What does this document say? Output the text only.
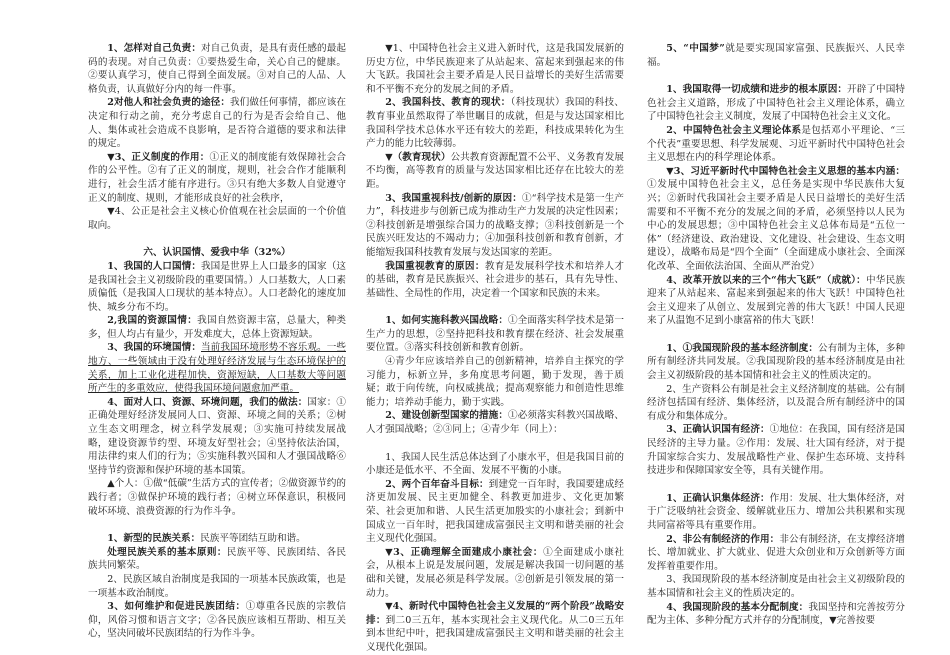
1、怎样对自己负责：对自己负责，是具有责任感的最起码的表现。对自己负责：①要热爱生命，关心自己的健康。②要认真学习，使自己得到全面发展。③对自己的人品、人格负责，认真做好分内的每一件事。

2对他人和社会负责的途径：我们做任何事情，都应该在决定和行动之前，充分考虑自己的行为是否会给自己、他人、集体或社会造成不良影响，是否符合道德的要求和法律的规定。

▼3、正义制度的作用：①正义的制度能有效保障社会合作的公平性。②有了正义的制度，规则，社会合作才能顺利进行，社会生活才能有序进行。③只有绝大多数人自觉遵守正义的制度、规则，才能形成良好的社会秩序，

▼4、公正是社会主义核心价值观在社会层面的一个价值取向。

六、认识国情、爱我中华（32%）

1、我国的人口国情：我国是世界上人口最多的国家（这是我国社会主义初级阶段的重要国情。）人口基数大，人口素质偏低（是我国人口现状的基本特点）。人口老龄化的速度加快、城乡分布不均。

2,我国的资源国情：我国自然资源丰富，总量大，种类多，但人均占有量少，开发难度大，总体上资源短缺。

3、我国的环境国情：当前我国环境形势不容乐观。一些地方、一些领域由于没有处理好经济发展与生态环境保护的关系，加上工业化进程加快，资源短缺，人口基数大等问题所产生的多重效应，使得我国环境问题愈加严重。

4、面对人口、资源、环境问题，我们的做法：国家：①正确处理好经济发展同人口、资源、环境之间的关系；②树立生态文明理念，树立科学发展观；③实施可持续发展战略，建设资源节约型、环境友好型社会；④坚持依法治国，用法律约束人们的行为；⑤实施科教兴国和人才强国战略⑥坚持节约资源和保护环境的基本国策。

▲个人：①做“低碳”生活方式的宣传者；②做资源节约的践行者；③做保护环境的践行者；④树立环保意识，积极同破坏环境、浪费资源的行为作斗争。

1、新型的民族关系：民族平等团结互助和谐。

处理民族关系的基本原则：民族平等、民族团结、各民族共同繁荣。

2、民族区域自治制度是我国的一项基本民族政策，也是一项基本政治制度。

3、如何维护和促进民族团结：①尊重各民族的宗教信仰，风俗习惯和语言文字；②各民族应该相互帮助、相互关心，坚决同破坏民族团结的行为作斗争。

▼1、中国特色社会主义进入新时代，这是我国发展新的历史方位，中华民族迎来了从站起来、富起来到强起来的伟大飞跃。我国社会主要矛盾是人民日益增长的美好生活需要和不平衡不充分的发展之间的矛盾。

2、我国科技、教育的现状：（科技现状）我国的科技、教育事业虽然取得了举世瞩目的成就，但是与发达国家相比我国科学技术总体水平还有较大的差距，科技成果转化为生产力的能力比较薄弱。

▼（教育现状）公共教育资源配置不公平、义务教育发展不均衡，高等教育的质量与发达国家相比还存在比较大的差距。

3、我国重视科技/创新的原因：①“科学技术是第一生产力”，科技进步与创新已成为推动生产力发展的决定性因素；②科技创新是增强综合国力的战略支撑；③科技创新是一个民族兴旺发达的不竭动力；④加强科技创新和教育创新，才能缩短我国科技教育发展与发达国家的差距。

我国重视教育的原因：教育是发展科学技术和培养人才的基础，教育是民族振兴、社会进步的基石，具有先导性、基础性、全局性的作用，决定着一个国家和民族的未来。

1、如何实施科教兴国战略：①全面落实科学技术是第一生产力的思想，②坚持把科技和教育摆在经济、社会发展重要位置。③落实科技创新和教育创新。

④青少年应该培养自己的创新精神，培养自主探究的学习能力，标新立异，多角度思考问题，勤于发现，善于质疑；敢于向传统，向权威挑战；提高观察能力和创造性思维能力；培养动手能力，勤于实践。

2、建设创新型国家的措施：①必须落实科教兴国战略、人才强国战略；②③同上；④青少年（同上）：

1、我国人民生活总体达到了小康水平，但是我国目前的小康还是低水平、不全面、发展不平衡的小康。

2、两个百年奋斗目标：到建党一百年时，我国要建成经济更加发展、民主更加健全、科教更加进步、文化更加繁荣、社会更加和谐、人民生活更加殷实的小康社会；到新中国成立一百年时，把我国建成富强民主文明和谐美丽的社会主义现代化强国。

▼3、正确理解全面建成小康社会：①全面建成小康社会，从根本上说是发展问题，发展是解决我国一切问题的基础和关键，发展必须是科学发展。②创新是引领发展的第一动力。

▼4、新时代中国特色社会主义发展的“两个阶段”战略安排：到二0三五年，基本实现社会主义现代化。从二0三五年到本世纪中叶，把我国建成富强民主文明和谐美丽的社会主义现代化强国。

5、“中国梦”就是要实现国家富强、民族振兴、人民幸福。

1、我国取得一切成绩和进步的根本原因：开辟了中国特色社会主义道路，形成了中国特色社会主义理论体系，确立了中国特色社会主义制度，发展了中国特色社会主义文化。

2、中国特色社会主义理论体系是包括邓小平理论、“三个代表”重要思想、科学发展观、习近平新时代中国特色社会主义思想在内的科学理论体系。

▼3、习近平新时代中国特色社会主义思想的基本内涵：①发展中国特色社会主义，总任务是实现中华民族伟大复兴；②新时代我国社会主要矛盾是人民日益增长的美好生活需要和不平衡不充分的发展之间的矛盾，必须坚持以人民为中心的发展思想；③中国特色社会主义总体布局是“五位一体”（经济建设、政治建设、文化建设、社会建设、生态文明建设），战略布局是“四个全面”（全面建成小康社会、全面深化改革、全面依法治国、全面从严治党）

4、改革开放以来的三个“伟大飞跃”（成就）：中华民族迎来了从站起来、富起来到强起来的伟大飞跃！中国特色社会主义迎来了从创立、发展到完善的伟大飞跃！中国人民迎来了从温饱不足到小康富裕的伟大飞跃！

1、①我国现阶段的基本经济制度：公有制为主体，多种所有制经济共同发展。②我国现阶段的基本经济制度是由社会主义初级阶段的基本国情和社会主义的性质决定的。

2、生产资料公有制是社会主义经济制度的基础。公有制经济包括国有经济、集体经济，以及混合所有制经济中的国有成分和集体成分。

3、正确认识国有经济：①地位：在我国，国有经济是国民经济的主导力量。②作用：发展、壮大国有经济，对于提升国家综合实力、发展战略性产业、保护生态环境、支持科技进步和保障国家安全等，具有关键作用。

1、正确认识集体经济：作用：发展、壮大集体经济，对于广泛吸纳社会资金、缓解就业压力、增加公共积累和实现共同富裕等具有重要作用。

2、非公有制经济的作用：非公有制经济，在支撑经济增长、增加就业、扩大就业、促进大众创业和万众创新等方面发挥着重要作用。

3、我国现阶段的基本经济制度是由社会主义初级阶段的基本国情和社会主义的性质决定的。

4、我国现阶段的基本分配制度：我国坚持和完善按劳分配为主体、多种分配方式并存的分配制度，▼完善按要
